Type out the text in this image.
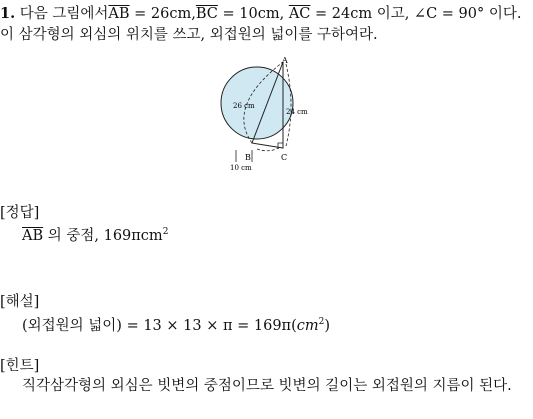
1. 다음 그림에서$\overline{AB} = 26cm,\overline{BC} = 10cm$, $\overline{AC} = 24cm$ 이고, ∠C = 90° 이다.
이 삼각형의 외심의 위치를 쓰고, 외접원의 넓이를 구하여라.
A
B	C
26 cm
24 cm
10 cm
[정답]
$\overline{AB}$ 의 중점, 169πcm$^2$
[해설]
(외접원의 넓이) = $13 \times 13 \times \pi = 169\pi(cm^2)$
[힌트]
직각삼각형의 외심은 빗변의 중점이므로 빗변의 길이는 외접원의 지름이 된다.
